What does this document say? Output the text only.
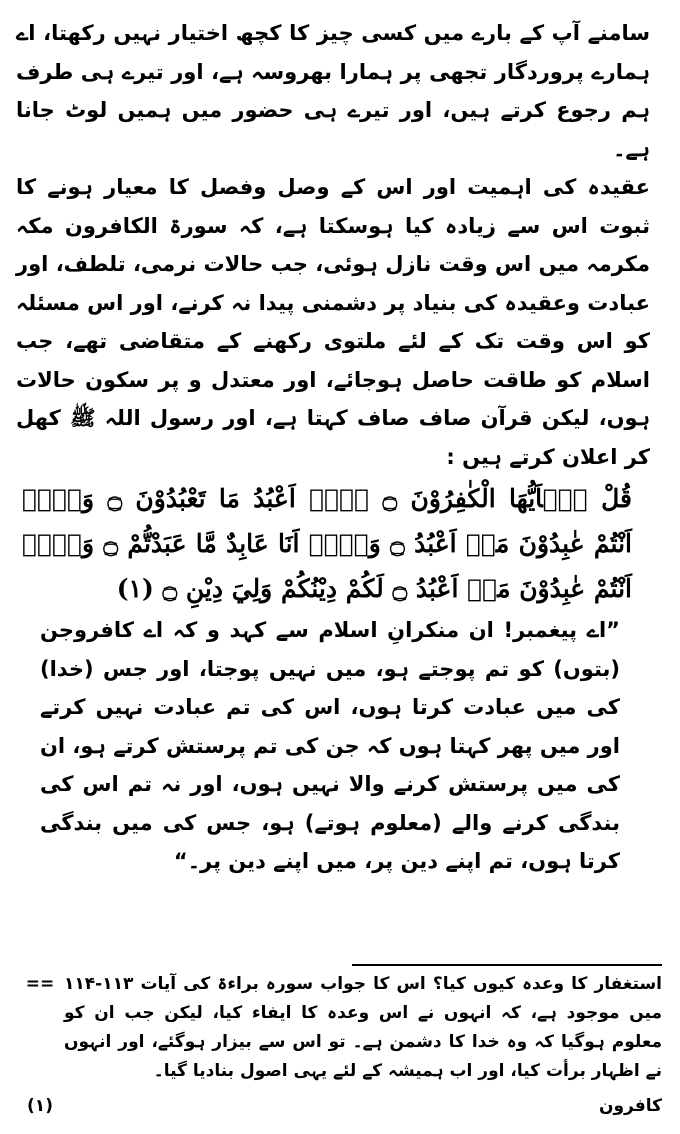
سامنے آپ کے بارے میں کسی چیز کا کچھ اختیار نہیں رکھتا، اے ہمارے پروردگار تجھی پر ہمارا بھروسہ ہے، اور تیرے ہی طرف ہم رجوع کرتے ہیں، اور تیرے ہی حضور میں ہمیں لوٹ جانا ہے۔

عقیدہ کی اہمیت اور اس کے وصل وفصل کا معیار ہونے کا ثبوت اس سے زیادہ کیا ہوسکتا ہے، کہ سورۃ الکافرون مکہ مکرمہ میں اس وقت نازل ہوئی، جب حالات نرمی، تلطف، اور عبادت وعقیدہ کی بنیاد پر دشمنی پیدا نہ کرنے، اور اس مسئلہ کو اس وقت تک کے لئے ملتوی رکھنے کے متقاضی تھے، جب اسلام کو طاقت حاصل ہوجائے، اور معتدل و پر سکون حالات ہوں، لیکن قرآن صاف صاف کہتا ہے، اور رسول اللہ ﷺ کھل کر اعلان کرتے ہیں :

قُلْ يٰۤاَيُّهَا الْكٰفِرُوْنَ ۝ لَاۤ اَعْبُدُ مَا تَعْبُدُوْنَ ۝ وَلَاۤ اَنْتُمْ عٰبِدُوْنَ مَاۤ اَعْبُدُ ۝ وَلَاۤ اَنَا عَابِدٌ مَّا عَبَدْتُّمْ ۝ وَلَاۤ اَنْتُمْ عٰبِدُوْنَ مَاۤ اَعْبُدُ ۝ لَكُمْ دِيْنُكُمْ وَلِيَ دِيْنِ ۝ (۱)

”اے پیغمبر! ان منکرانِ اسلام سے کہد و کہ اے کافروجن (بتوں) کو تم پوجتے ہو، میں نہیں پوجتا، اور جس (خدا) کی میں عبادت کرتا ہوں، اس کی تم عبادت نہیں کرتے اور میں پھر کہتا ہوں کہ جن کی تم پرستش کرتے ہو، ان کی میں پرستش کرنے والا نہیں ہوں، اور نہ تم اس کی بندگی کرنے والے (معلوم ہوتے) ہو، جس کی میں بندگی کرتا ہوں، تم اپنے دین پر، میں اپنے دین پر۔“

استغفار کا وعدہ کیوں کیا؟ اس کا جواب سورہ براءۃ کی آیات ۱۱۳-۱۱۴ میں موجود ہے، کہ انہوں نے اس وعدہ کا ایفاء کیا، لیکن جب ان کو معلوم ہوگیا کہ وہ خدا کا دشمن ہے۔ تو اس سے بیزار ہوگئے، اور انہوں نے اظہار برأت کیا، اور اب ہمیشہ کے لئے یہی اصول بنادیا گیا۔
==
کافرون
(۱)
